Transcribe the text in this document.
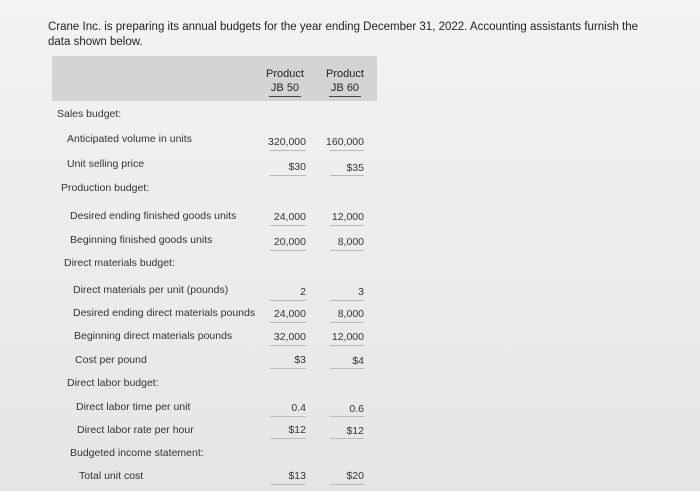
Crane Inc. is preparing its annual budgets for the year ending December 31, 2022. Accounting assistants furnish the data shown below.
Product
JB 50
Product
JB 60
Sales budget:
Anticipated volume in units
Unit selling price
Production budget:
Desired ending finished goods units
Beginning finished goods units
Direct materials budget:
Direct materials per unit (pounds)
Desired ending direct materials pounds
Beginning direct materials pounds
Cost per pound
Direct labor budget:
Direct labor time per unit
Direct labor rate per hour
Budgeted income statement:
Total unit cost
320,000
$30
24,000
20,000
2
24,000
32,000
$3
0.4
$12
$13
160,000
$35
12,000
8,000
3
8,000
12,000
$4
0.6
$12
$20
